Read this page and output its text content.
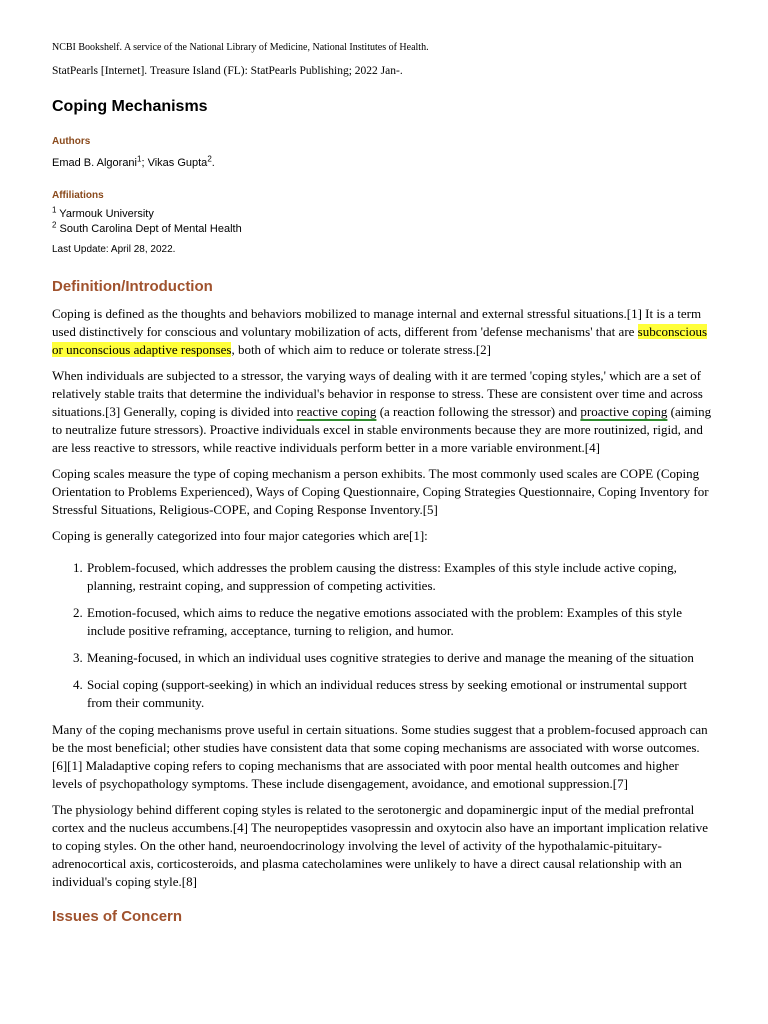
NCBI Bookshelf. A service of the National Library of Medicine, National Institutes of Health.
StatPearls [Internet]. Treasure Island (FL): StatPearls Publishing; 2022 Jan-.
Coping Mechanisms
Authors
Emad B. Algorani$^1$; Vikas Gupta$^2$.
Affiliations
$^1$ Yarmouk University
$^2$ South Carolina Dept of Mental Health
Last Update: April 28, 2022.
Definition/Introduction

Coping is defined as the thoughts and behaviors mobilized to manage internal and external stressful situations.[1] It is a term used distinctively for conscious and voluntary mobilization of acts, different from 'defense mechanisms' that are subconscious or unconscious adaptive responses, both of which aim to reduce or tolerate stress.[2]

When individuals are subjected to a stressor, the varying ways of dealing with it are termed 'coping styles,' which are a set of relatively stable traits that determine the individual's behavior in response to stress. These are consistent over time and across situations.[3] Generally, coping is divided into reactive coping (a reaction following the stressor) and proactive coping (aiming to neutralize future stressors). Proactive individuals excel in stable environments because they are more routinized, rigid, and are less reactive to stressors, while reactive individuals perform better in a more variable environment.[4]

Coping scales measure the type of coping mechanism a person exhibits. The most commonly used scales are COPE (Coping Orientation to Problems Experienced), Ways of Coping Questionnaire, Coping Strategies Questionnaire, Coping Inventory for Stressful Situations, Religious-COPE, and Coping Response Inventory.[5]

Coping is generally categorized into four major categories which are[1]:

1. Problem-focused, which addresses the problem causing the distress: Examples of this style include active coping, planning, restraint coping, and suppression of competing activities.
2. Emotion-focused, which aims to reduce the negative emotions associated with the problem: Examples of this style include positive reframing, acceptance, turning to religion, and humor.
3. Meaning-focused, in which an individual uses cognitive strategies to derive and manage the meaning of the situation
4. Social coping (support-seeking) in which an individual reduces stress by seeking emotional or instrumental support from their community.

Many of the coping mechanisms prove useful in certain situations. Some studies suggest that a problem-focused approach can be the most beneficial; other studies have consistent data that some coping mechanisms are associated with worse outcomes.[6][1] Maladaptive coping refers to coping mechanisms that are associated with poor mental health outcomes and higher levels of psychopathology symptoms. These include disengagement, avoidance, and emotional suppression.[7]

The physiology behind different coping styles is related to the serotonergic and dopaminergic input of the medial prefrontal cortex and the nucleus accumbens.[4] The neuropeptides vasopressin and oxytocin also have an important implication relative to coping styles. On the other hand, neuroendocrinology involving the level of activity of the hypothalamic-pituitary-adrenocortical axis, corticosteroids, and plasma catecholamines were unlikely to have a direct causal relationship with an individual's coping style.[8]

Issues of Concern
